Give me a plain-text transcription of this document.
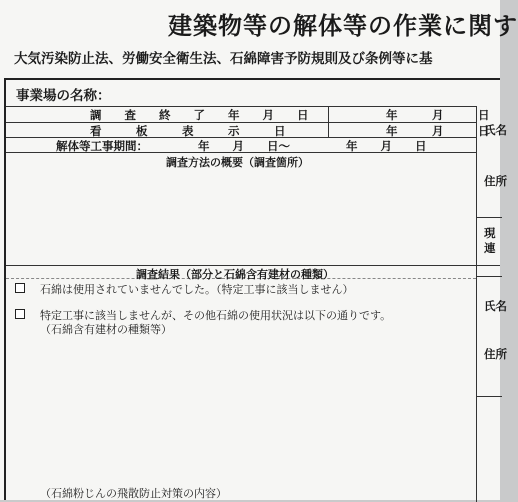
建築物等の解体等の作業に関す
大気汚染防止法、労働安全衛生法、石綿障害予防規則及び条例等に基
事業場の名称：
調　　査　　終　　了　　年　　月　　日	年　　　月　　　日
看　　　板　　　表　　　示　　　日	年　　　月　　　日
解体等工事期間：	年　　月　　日～	年　　月　　日
調査方法の概要（調査箇所）
調査結果（部分と石綿含有建材の種類）
石綿は使用されていませんでした。（特定工事に該当しません）
特定工事に該当しませんが、その他石綿の使用状況は以下の通りです。
（石綿含有建材の種類等）
（石綿粉じんの飛散防止対策の内容）
氏名
住所
現
連
氏名
住所
